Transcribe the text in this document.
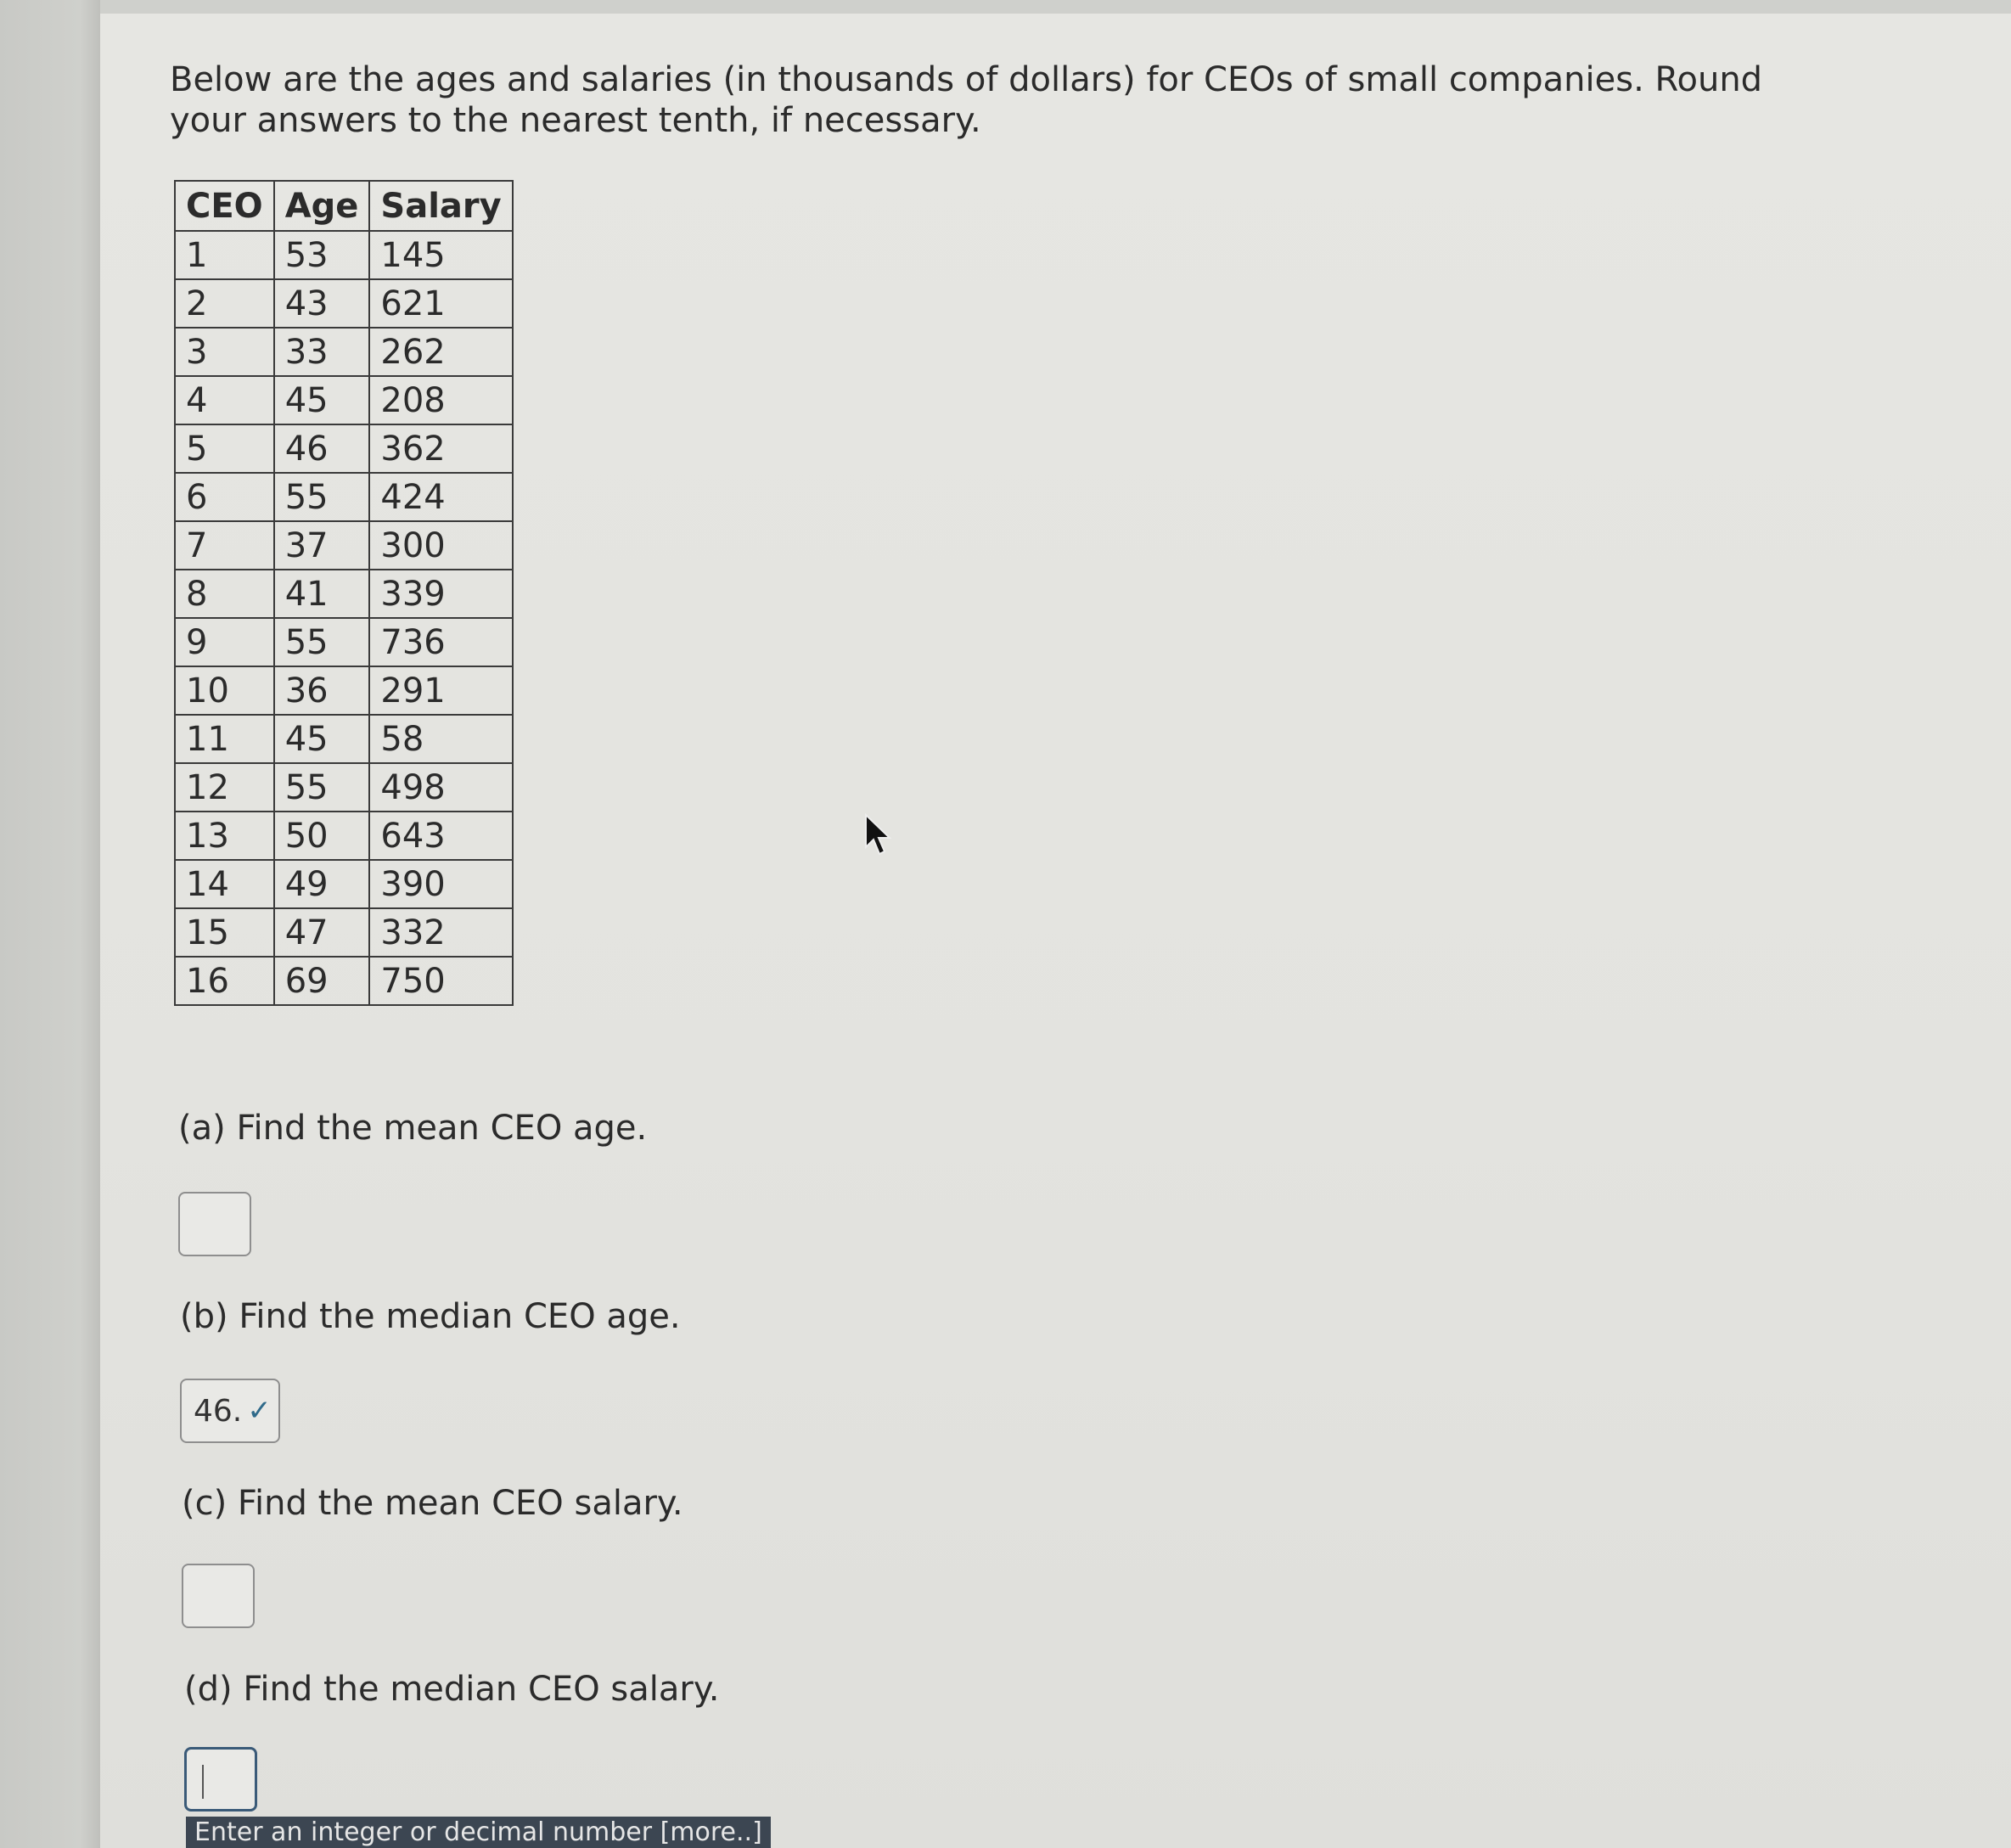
Below are the ages and salaries (in thousands of dollars) for CEOs of small companies. Round your answers to the nearest tenth, if necessary.
CEO	Age	Salary
1	53	145
2	43	621
3	33	262
4	45	208
5	46	362
6	55	424
7	37	300
8	41	339
9	55	736
10	36	291
11	45	58
12	55	498
13	50	643
14	49	390
15	47	332
16	69	750
(a) Find the mean CEO age.
(b) Find the median CEO age.
46. ✓
(c) Find the mean CEO salary.
(d) Find the median CEO salary.
Enter an integer or decimal number [more..]
